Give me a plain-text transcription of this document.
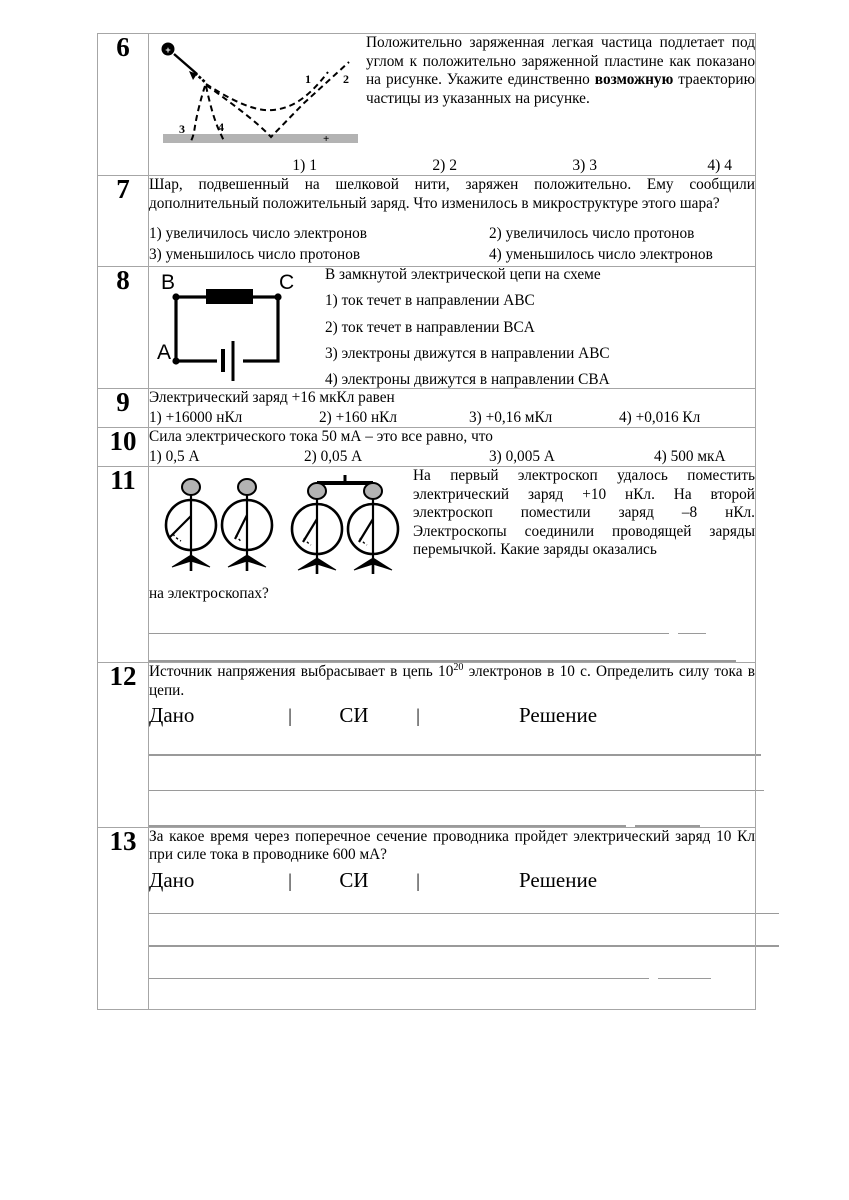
6	
+
+
1	2
3	4
Положительно заряженная легкая частица подлетает под углом к положительно заряженной пластине как показано на рисунке. Укажите единственно возможную траекторию частицы из указанных на рисунке.
1) 1	2) 2	3) 3	4) 4

7	Шар, подвешенный на шелковой нити, заряжен положительно. Ему сообщили дополнительный положительный заряд. Что изменилось в микроструктуре этого шара?
1) увеличилось число электронов 2) увеличилось число протонов
3) уменьшилось число протонов 4) уменьшилось число электронов

8	B	C
A
В замкнутой электрической цепи на схеме
1) ток течет в направлении ABC
2) ток течет в направлении BCA
3) электроны движутся в направлении ABC
4) электроны движутся в направлении CBA

9	Электрический заряд +16 мкКл равен
1) +16000 нКл 2) +160 нКл 3) +0,16 мКл 4) +0,016 Кл

10	Сила электрического тока 50 мА – это все равно, что
1) 0,5 А 2) 0,05 А 3) 0,005 А 4) 500 мкА

11	На первый электроскоп удалось поместить электрический заряд +10 нКл. На второй электроскоп поместили заряд –8 нКл. Электроскопы соединили проводящей заряды перемычкой. Какие заряды оказались
на электроскопах?

12	Источник напряжения выбрасывает в цепь $10^{20}$ электронов в 10 с. Определить силу тока в цепи.
Дано	|	СИ	|	Решение

13	За какое время через поперечное сечение проводника пройдет электрический заряд 10 Кл при силе тока в проводнике 600 мА?
Дано	|	СИ	|	Решение
